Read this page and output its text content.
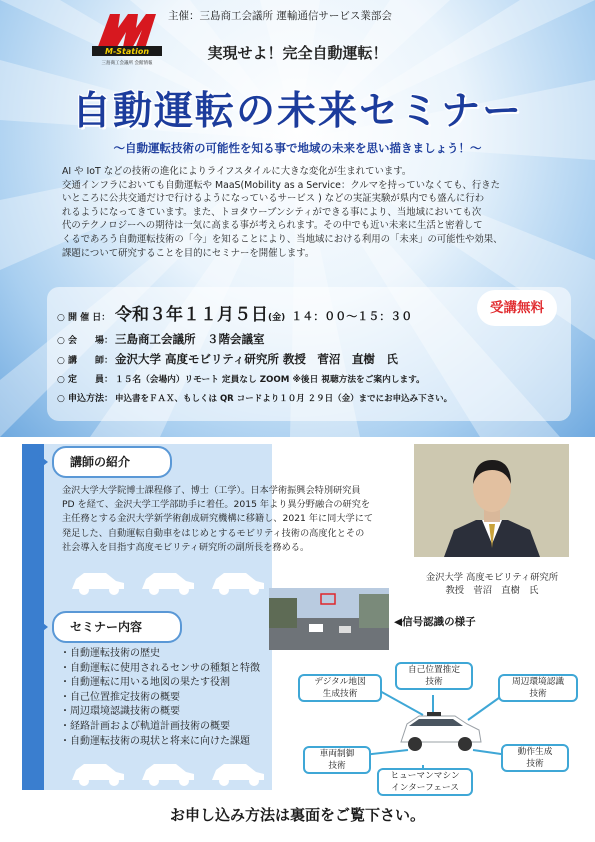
M-Station
三島商工会議所 会館情報
主催：三島商工会議所 運輸通信サービス業部会
実現せよ！完全自動運転！
自動運転の未来セミナー
～自動運転技術の可能性を知る事で地域の未来を思い描きましょう！～

AI や IoT などの技術の進化によりライフスタイルに大きな変化が生まれています。

交通インフラにおいても自動運転や MaaS(Mobility as a Service：クルマを持っていなくても、行きた

いところに公共交通だけで行けるようになっているサービス ) などの実証実験が県内でも盛んに行わ

れるようになってきています。また、トヨタウーブンシティができる事により、当地域においても次

代のテクノロジーへの期待は一気に高まる事が考えられます。その中でも近い未来に生活と密着して

くるであろう自動運転技術の「今」を知ることにより、当地域における利用の「未来」の可能性や効果、

課題について研究することを目的にセミナーを開催します。

○ 開 催 日： 令和３年１１月５日(金) １４：００～１５：３０
○ 会　　場： 三島商工会議所　３階会議室
○ 講　　師： 金沢大学 高度モビリティ研究所 教授　菅沼　直樹　氏
○ 定　　員： １５名（会場内）リモート 定員なし ZOOM ※後日 視聴方法をご案内します。
○ 申込方法： 申込書をＦＡＸ、もしくは QR コードより１０月 ２９日（金）までにお申込み下さい。
受講無料
講師の紹介

金沢大学大学院博士課程修了、博士（工学）。日本学術振興会特別研究員

PD を経て、金沢大学工学部助手に着任。2015 年より異分野融合の研究を

主任務とする金沢大学新学術創成研究機構に移籍し、2021 年に同大学にて

発足した、自動運転自動車をはじめとするモビリティ技術の高度化とその

社会導入を目指す高度モビリティ研究所の副所長を務める。

金沢大学 高度モビリティ研究所
教授　菅沼　直樹　氏
セミナー内容	◀信号認識の様子
・自動運転技術の歴史
・自動運転に使用されるセンサの種類と特徴
・自動運転に用いる地図の果たす役割
・自己位置推定技術の概要
・周辺環境認識技術の概要
・経路計画および軌道計画技術の概要
・自動運転技術の現状と将来に向けた課題
デジタル地図
生成技術
自己位置推定
技術	周辺環境認識
技術
車両制御
技術
動作生成
技術
ヒューマンマシン
インターフェース
お申し込み方法は裏面をご覧下さい。
